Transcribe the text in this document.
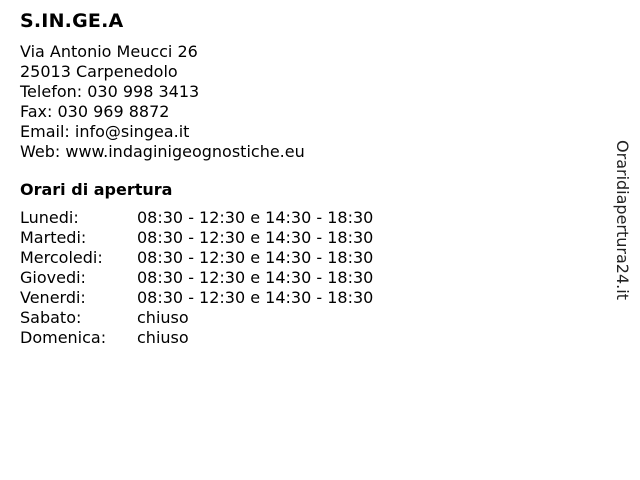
S.IN.GE.A
Via Antonio Meucci 26
25013 Carpenedolo
Telefon: 030 998 3413
Fax: 030 969 8872
Email: info@singea.it
Web: www.indaginigeognostiche.eu
Orari di apertura
Lunedi:	08:30 - 12:30 e 14:30 - 18:30
Martedi:	08:30 - 12:30 e 14:30 - 18:30
Mercoledi:	08:30 - 12:30 e 14:30 - 18:30
Giovedi:	08:30 - 12:30 e 14:30 - 18:30
Venerdi:	08:30 - 12:30 e 14:30 - 18:30
Sabato:	chiuso
Domenica:	chiuso
Oraridiapertura24.it
